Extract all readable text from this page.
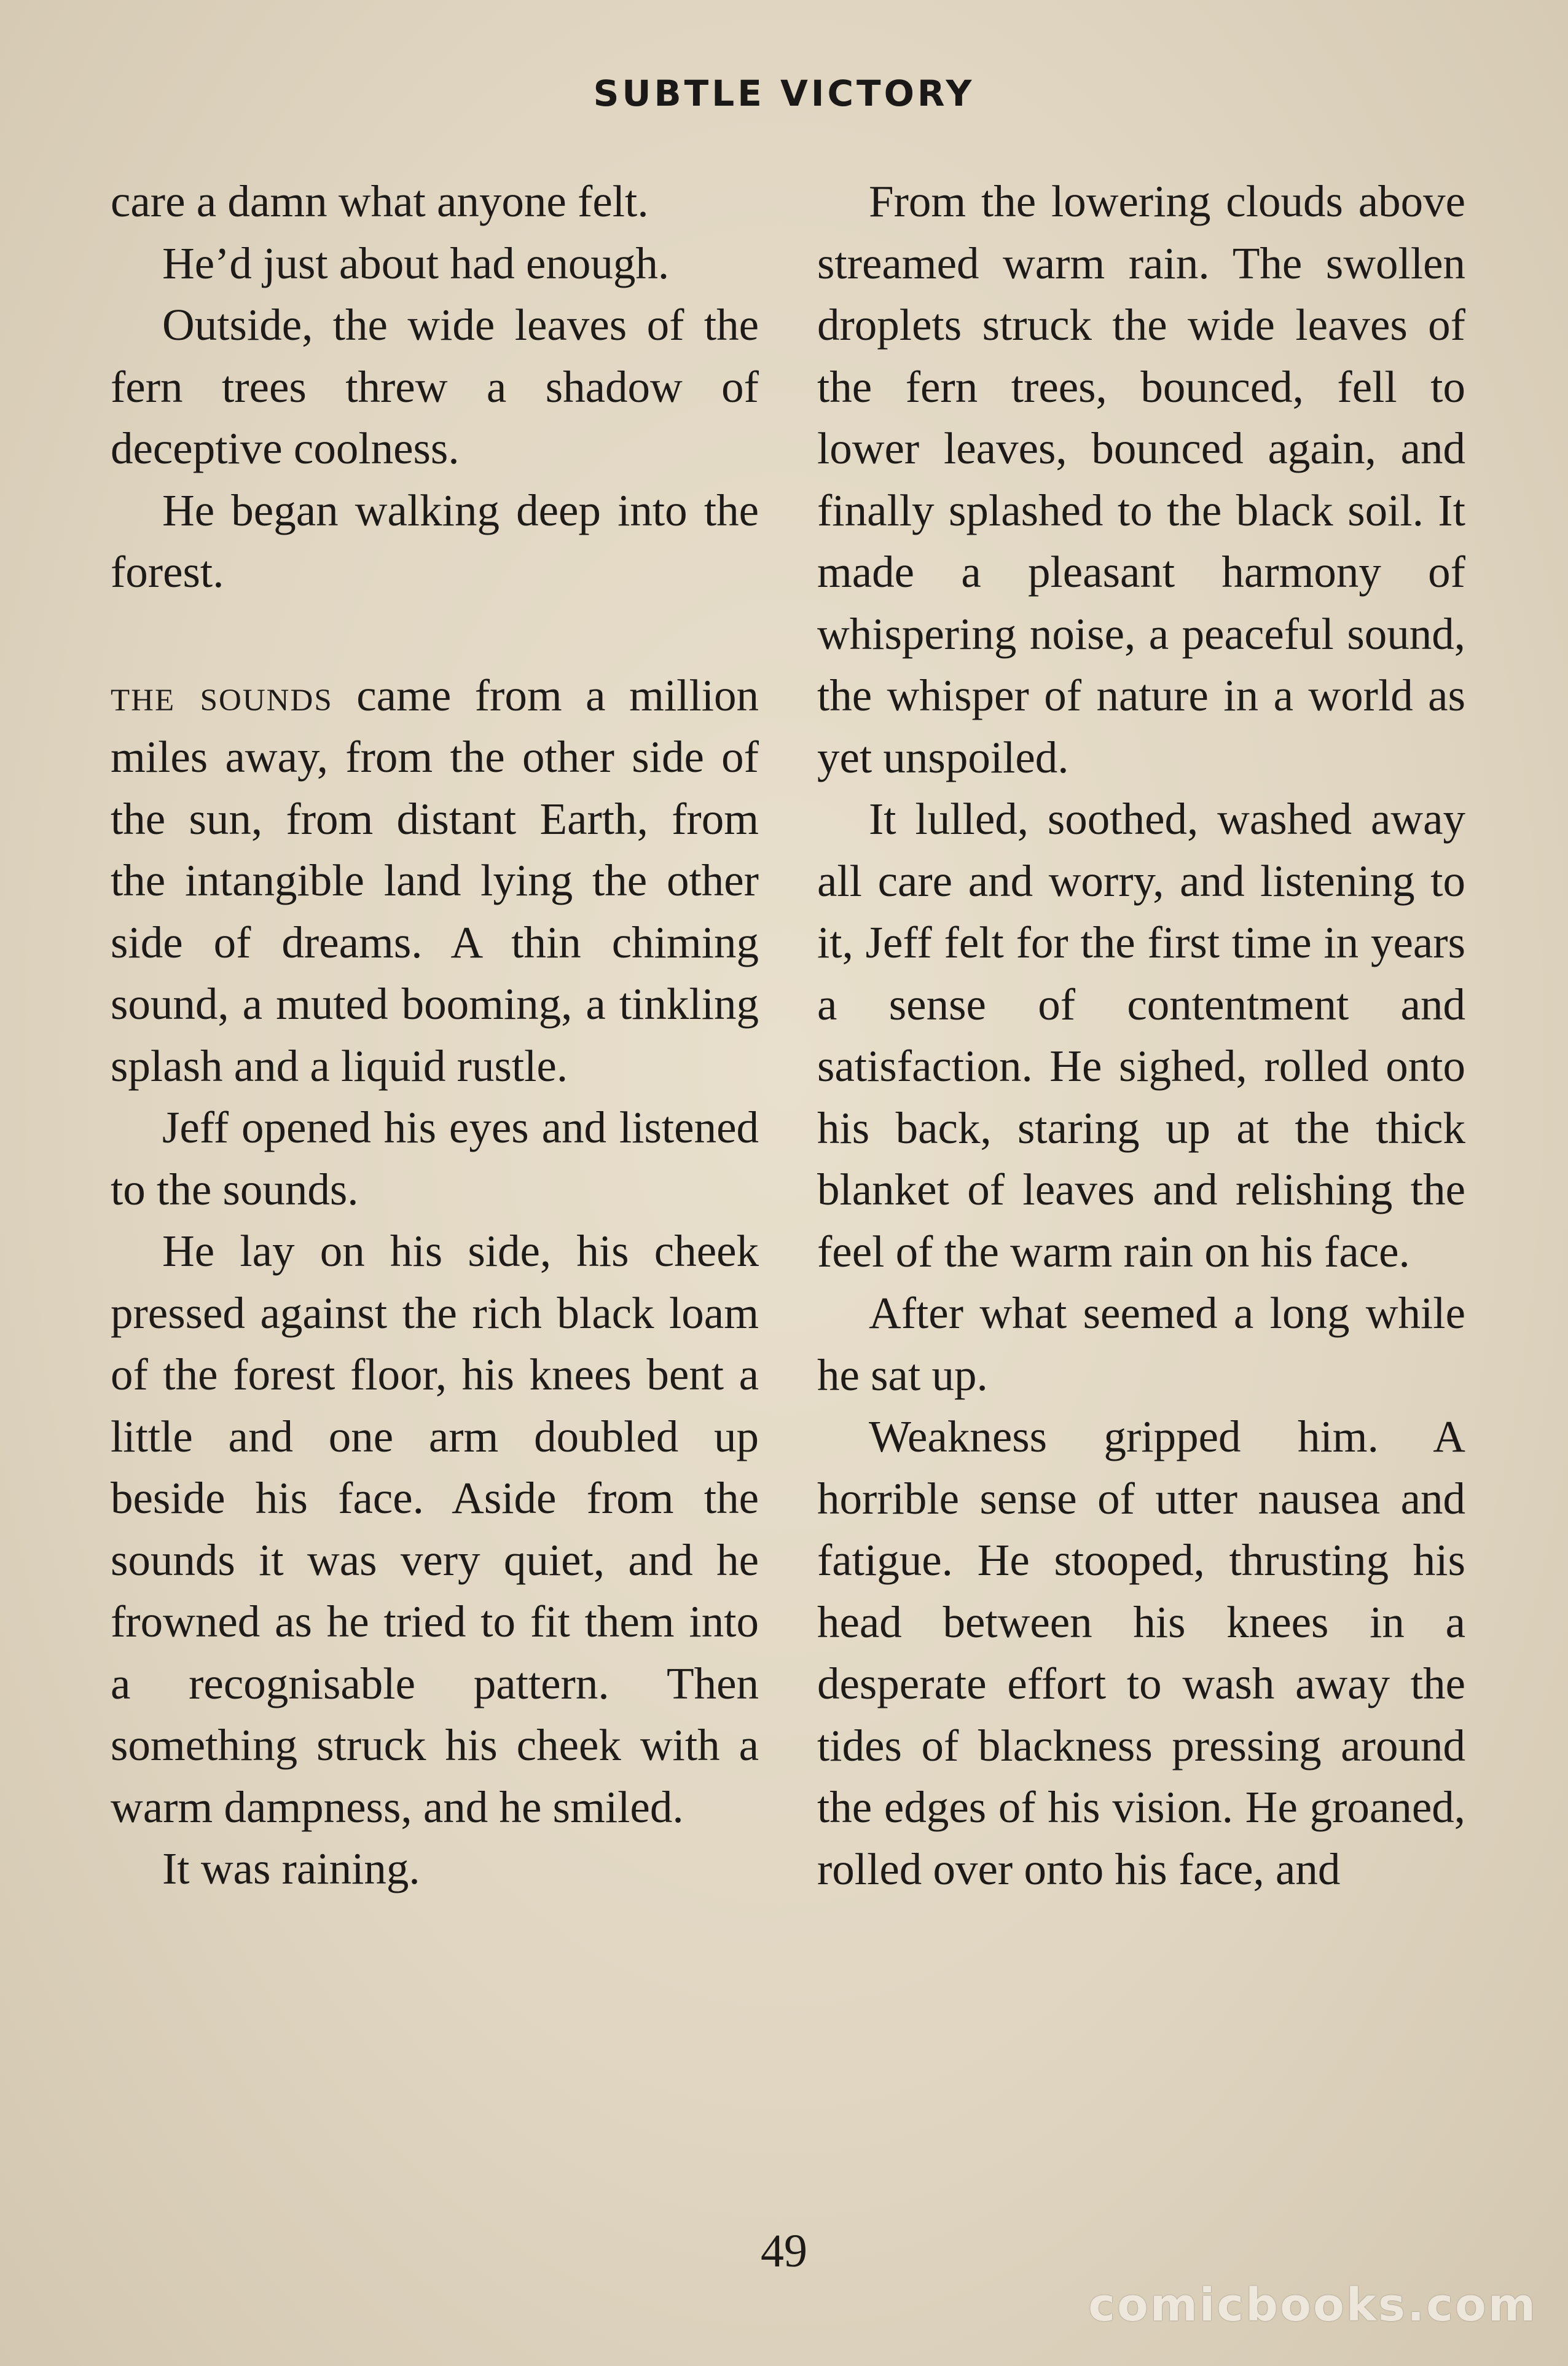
SUBTLE VICTORY

care a damn what anyone felt.

He’d just about had enough.

Outside, the wide leaves of the fern trees threw a shadow of deceptive coolness.

He began walking deep into the forest.

the sounds came from a million miles away, from the other side of the sun, from distant Earth, from the intangible land lying the other side of dreams. A thin chiming sound, a muted booming, a tinkling splash and a liquid rustle.

Jeff opened his eyes and listened to the sounds.

He lay on his side, his cheek pressed against the rich black loam of the forest floor, his knees bent a little and one arm doubled up beside his face. Aside from the sounds it was very quiet, and he frowned as he tried to fit them into a recognisable pattern. Then something struck his cheek with a warm dampness, and he smiled.

It was raining.

From the lowering clouds above streamed warm rain. The swollen droplets struck the wide leaves of the fern trees, bounced, fell to lower leaves, bounced again, and finally splashed to the black soil. It made a pleasant harmony of whispering noise, a peaceful sound, the whisper of nature in a world as yet unspoiled.

It lulled, soothed, washed away all care and worry, and listening to it, Jeff felt for the first time in years a sense of contentment and satisfaction. He sighed, rolled onto his back, staring up at the thick blanket of leaves and relishing the feel of the warm rain on his face.

After what seemed a long while he sat up.

Weakness gripped him. A horrible sense of utter nausea and fatigue. He stooped, thrusting his head between his knees in a desperate effort to wash away the tides of blackness pressing around the edges of his vision. He groaned, rolled over onto his face, and

49
comicbooks.com
